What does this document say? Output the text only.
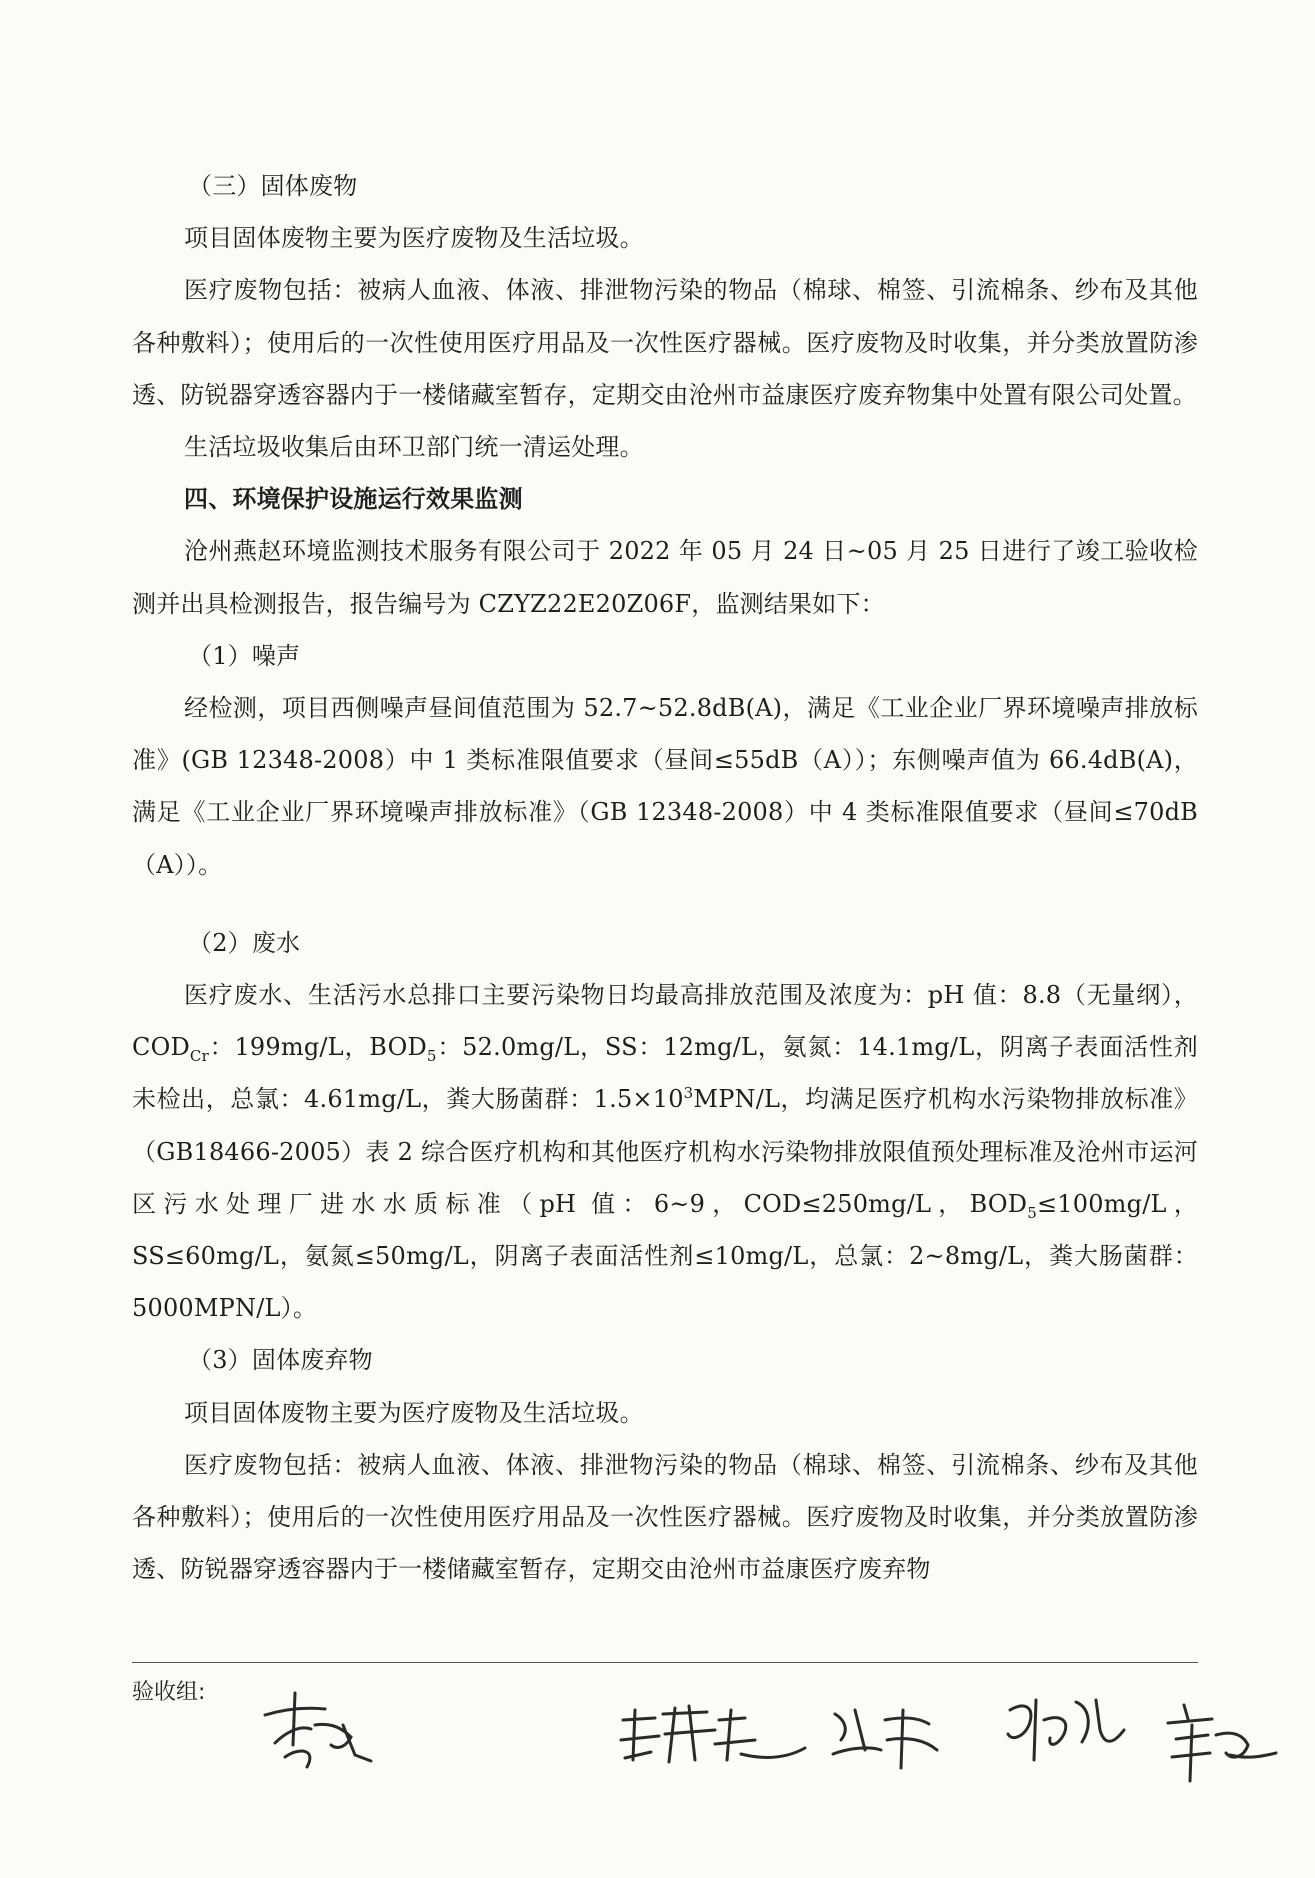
（三）固体废物

项目固体废物主要为医疗废物及生活垃圾。

医疗废物包括：被病人血液、体液、排泄物污染的物品（棉球、棉签、引流棉条、纱布及其他各种敷料）；使用后的一次性使用医疗用品及一次性医疗器械。医疗废物及时收集，并分类放置防渗透、防锐器穿透容器内于一楼储藏室暂存，定期交由沧州市益康医疗废弃物集中处置有限公司处置。

生活垃圾收集后由环卫部门统一清运处理。

四、环境保护设施运行效果监测

沧州燕赵环境监测技术服务有限公司于 2022 年 05 月 24 日~05 月 25 日进行了竣工验收检测并出具检测报告，报告编号为 CZYZ22E20Z06F，监测结果如下：

（1）噪声

经检测，项目西侧噪声昼间值范围为 52.7~52.8dB(A)，满足《工业企业厂界环境噪声排放标准》(GB 12348-2008）中 1 类标准限值要求（昼间≤55dB（A））；东侧噪声值为 66.4dB(A)，满足《工业企业厂界环境噪声排放标准》（GB 12348-2008）中 4 类标准限值要求（昼间≤70dB（A））。

（2）废水

医疗废水、生活污水总排口主要污染物日均最高排放范围及浓度为：pH 值：8.8（无量纲），$COD_{Cr}$：199mg/L，$BOD_5$：52.0mg/L，SS：12mg/L，氨氮：14.1mg/L，阴离子表面活性剂未检出，总氯：4.61mg/L，粪大肠菌群：$1.5\times 10^3MPN/L$，均满足医疗机构水污染物排放标准》（GB18466-2005）表 2 综合医疗机构和其他医疗机构水污染物排放限值预处理标准及沧州市运河区污水处理厂进水水质标准（pH 值：6~9，COD≤250mg/L，$BOD_5\le 100mg/L$，SS≤60mg/L，氨氮≤50mg/L，阴离子表面活性剂≤10mg/L，总氯：2~8mg/L，粪大肠菌群：5000MPN/L）。

（3）固体废弃物

项目固体废物主要为医疗废物及生活垃圾。

医疗废物包括：被病人血液、体液、排泄物污染的物品（棉球、棉签、引流棉条、纱布及其他各种敷料）；使用后的一次性使用医疗用品及一次性医疗器械。医疗废物及时收集，并分类放置防渗透、防锐器穿透容器内于一楼储藏室暂存，定期交由沧州市益康医疗废弃物

验收组:
